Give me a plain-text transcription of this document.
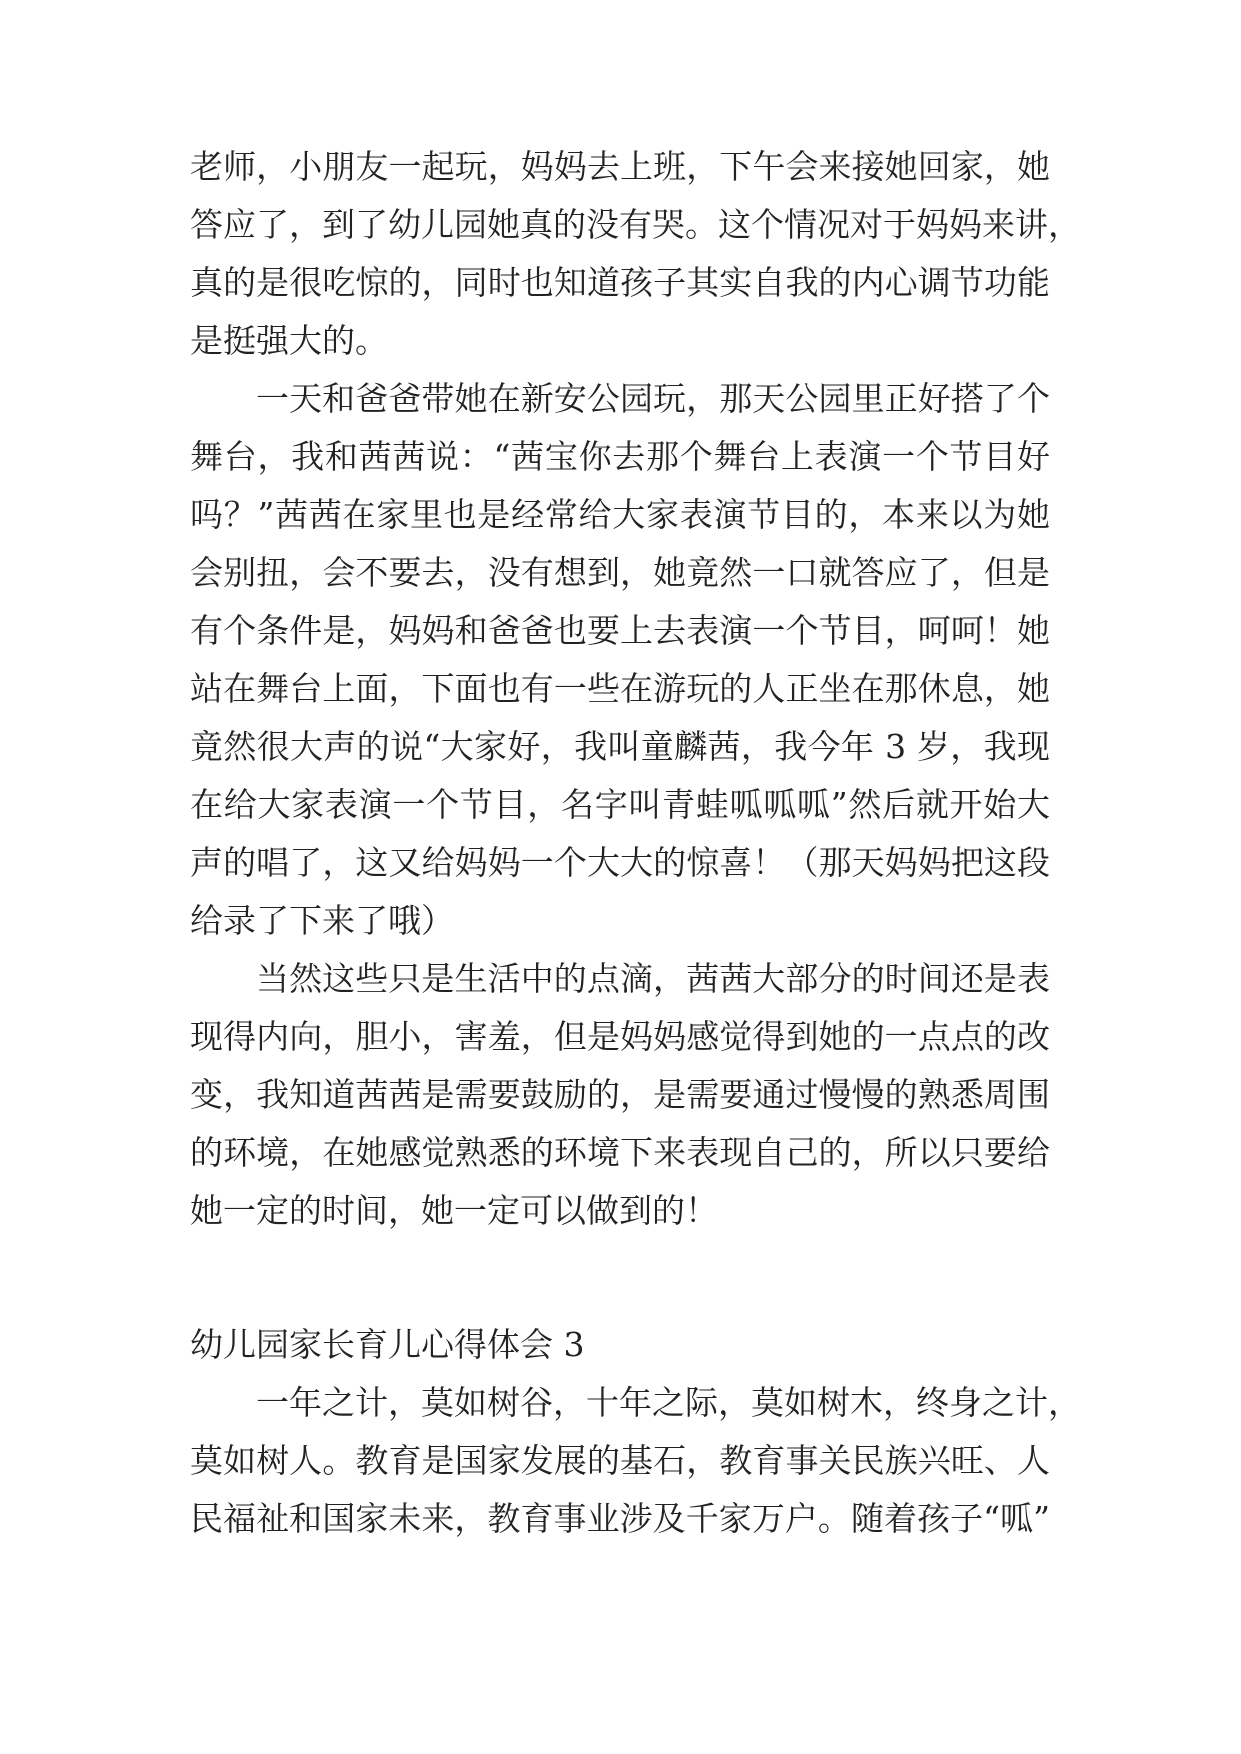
老师，小朋友一起玩，妈妈去上班，下午会来接她回家，她
答应了，到了幼儿园她真的没有哭。这个情况对于妈妈来讲，
真的是很吃惊的，同时也知道孩子其实自我的内心调节功能
是挺强大的。
一天和爸爸带她在新安公园玩，那天公园里正好搭了个
舞台，我和茜茜说：“茜宝你去那个舞台上表演一个节目好
吗？”茜茜在家里也是经常给大家表演节目的，本来以为她
会别扭，会不要去，没有想到，她竟然一口就答应了，但是
有个条件是，妈妈和爸爸也要上去表演一个节目，呵呵！她
站在舞台上面，下面也有一些在游玩的人正坐在那休息，她
竟然很大声的说“大家好，我叫童麟茜，我今年 3 岁，我现
在给大家表演一个节目，名字叫青蛙呱呱呱”然后就开始大
声的唱了，这又给妈妈一个大大的惊喜！（那天妈妈把这段
给录了下来了哦）
当然这些只是生活中的点滴，茜茜大部分的时间还是表
现得内向，胆小，害羞，但是妈妈感觉得到她的一点点的改
变，我知道茜茜是需要鼓励的，是需要通过慢慢的熟悉周围
的环境，在她感觉熟悉的环境下来表现自己的，所以只要给
她一定的时间，她一定可以做到的！
幼儿园家长育儿心得体会 3
一年之计，莫如树谷，十年之际，莫如树木，终身之计，
莫如树人。教育是国家发展的基石，教育事关民族兴旺、人
民福祉和国家未来，教育事业涉及千家万户。随着孩子“呱”
